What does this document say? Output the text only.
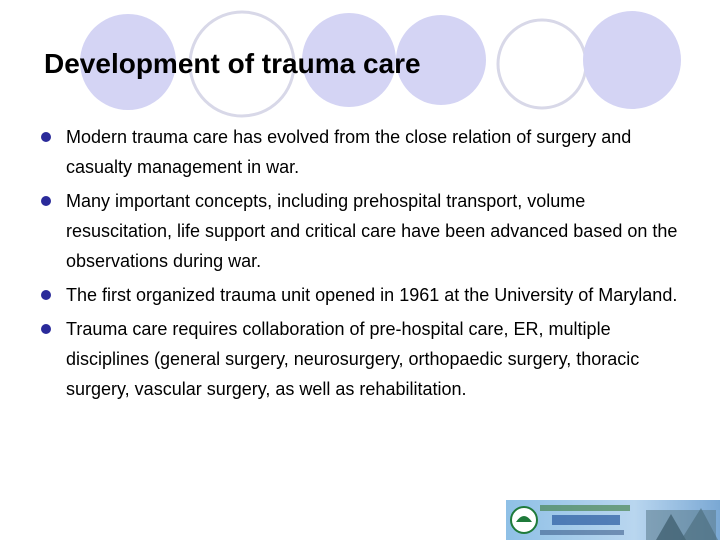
Development of trauma care
Modern trauma care has evolved from the close relation of surgery and casualty management in war.
Many important concepts, including prehospital transport, volume resuscitation, life support and critical care have been advanced based on the observations during war.
The first organized trauma unit opened in 1961 at the University of Maryland.
Trauma care requires collaboration of pre-hospital care, ER, multiple disciplines (general surgery, neurosurgery, orthopaedic surgery, thoracic surgery, vascular surgery, as well as rehabilitation.
